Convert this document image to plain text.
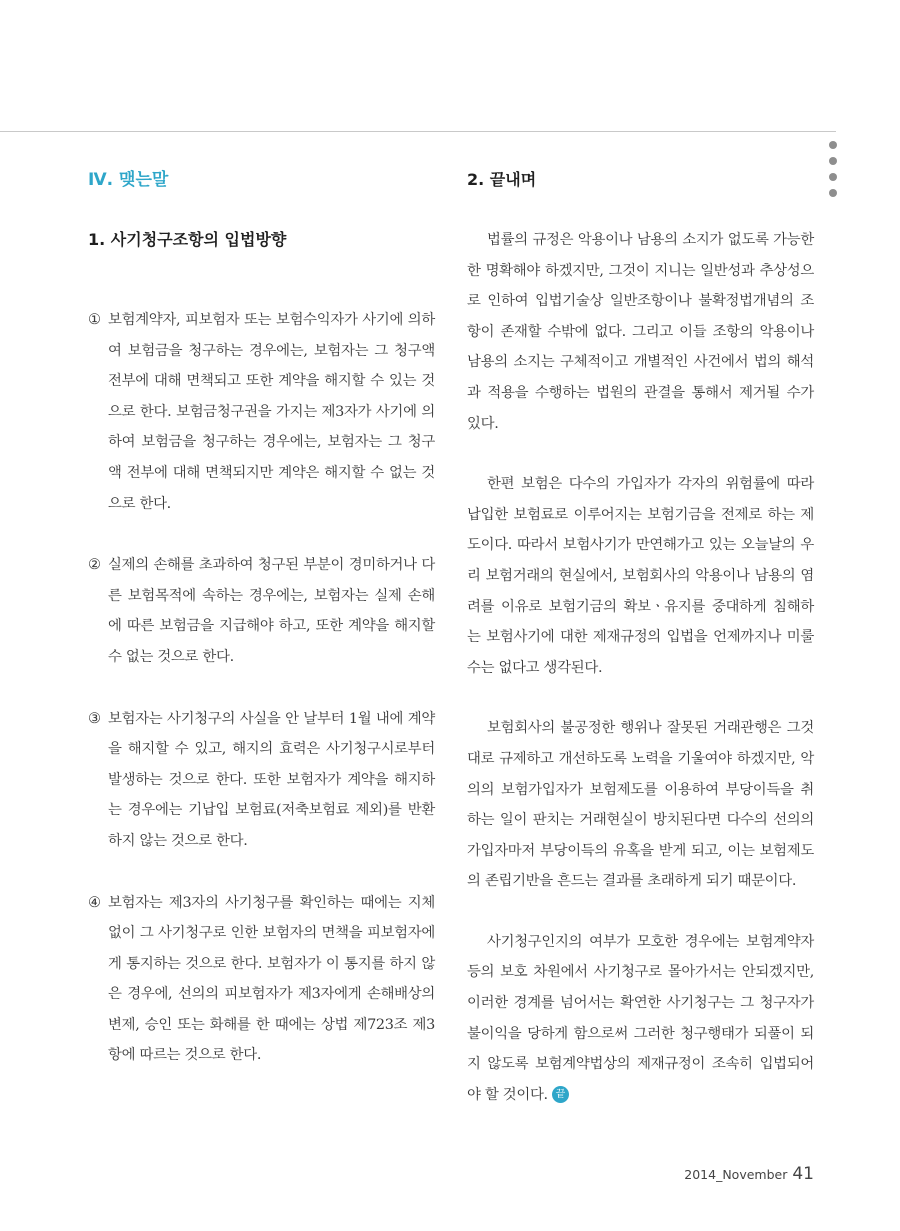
Ⅳ. 맺는말
1. 사기청구조항의 입법방향
① 보험계약자, 피보험자 또는 보험수익자가 사기에 의하여 보험금을 청구하는 경우에는, 보험자는 그 청구액 전부에 대해 면책되고 또한 계약을 해지할 수 있는 것으로 한다. 보험금청구권을 가지는 제3자가 사기에 의하여 보험금을 청구하는 경우에는, 보험자는 그 청구액 전부에 대해 면책되지만 계약은 해지할 수 없는 것으로 한다.
② 실제의 손해를 초과하여 청구된 부분이 경미하거나 다른 보험목적에 속하는 경우에는, 보험자는 실제 손해에 따른 보험금을 지급해야 하고, 또한 계약을 해지할 수 없는 것으로 한다.
③ 보험자는 사기청구의 사실을 안 날부터 1월 내에 계약을 해지할 수 있고, 해지의 효력은 사기청구시로부터 발생하는 것으로 한다. 또한 보험자가 계약을 해지하는 경우에는 기납입 보험료(저축보험료 제외)를 반환하지 않는 것으로 한다.
④ 보험자는 제3자의 사기청구를 확인하는 때에는 지체 없이 그 사기청구로 인한 보험자의 면책을 피보험자에게 통지하는 것으로 한다. 보험자가 이 통지를 하지 않은 경우에, 선의의 피보험자가 제3자에게 손해배상의 변제, 승인 또는 화해를 한 때에는 상법 제723조 제3항에 따르는 것으로 한다.
2. 끝내며

법률의 규정은 악용이나 남용의 소지가 없도록 가능한 한 명확해야 하겠지만, 그것이 지니는 일반성과 추상성으로 인하여 입법기술상 일반조항이나 불확정법개념의 조항이 존재할 수밖에 없다. 그리고 이들 조항의 악용이나 남용의 소지는 구체적이고 개별적인 사건에서 법의 해석과 적용을 수행하는 법원의 관결을 통해서 제거될 수가 있다.

한편 보험은 다수의 가입자가 각자의 위험률에 따라 납입한 보험료로 이루어지는 보험기금을 전제로 하는 제도이다. 따라서 보험사기가 만연해가고 있는 오늘날의 우리 보험거래의 현실에서, 보험회사의 악용이나 남용의 염려를 이유로 보험기금의 확보ㆍ유지를 중대하게 침해하는 보험사기에 대한 제재규정의 입법을 언제까지나 미룰 수는 없다고 생각된다.

보험회사의 불공정한 행위나 잘못된 거래관행은 그것대로 규제하고 개선하도록 노력을 기울여야 하겠지만, 악의의 보험가입자가 보험제도를 이용하여 부당이득을 취하는 일이 판치는 거래현실이 방치된다면 다수의 선의의 가입자마저 부당이득의 유혹을 받게 되고, 이는 보험제도의 존립기반을 흔드는 결과를 초래하게 되기 때문이다.

사기청구인지의 여부가 모호한 경우에는 보험계약자 등의 보호 차원에서 사기청구로 몰아가서는 안되겠지만, 이러한 경계를 넘어서는 확연한 사기청구는 그 청구자가 불이익을 당하게 함으로써 그러한 청구행태가 되풀이 되지 않도록 보험계약법상의 제재규정이 조속히 입법되어야 할 것이다. 끝

2014_November 41
